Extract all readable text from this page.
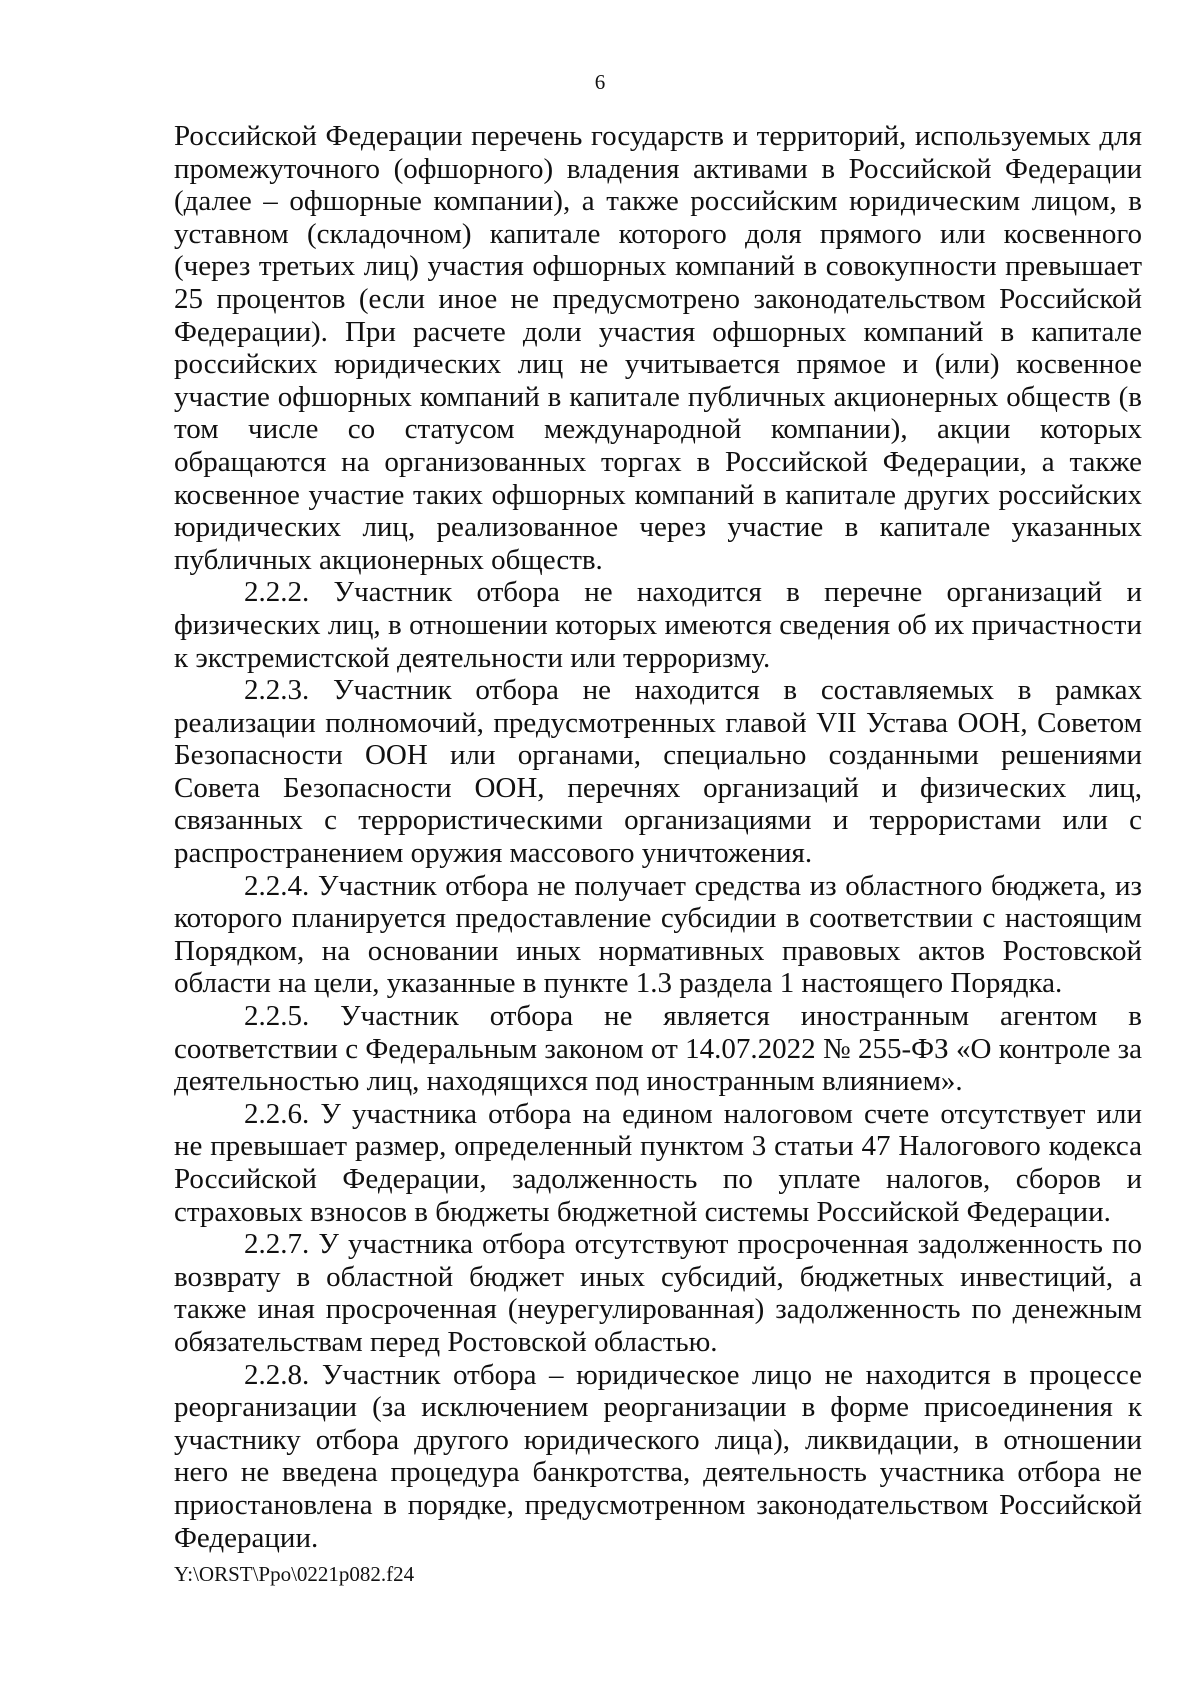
6

Российской Федерации перечень государств и территорий, используемых для промежуточного (офшорного) владения активами в Российской Федерации (далее – офшорные компании), а также российским юридическим лицом, в уставном (складочном) капитале которого доля прямого или косвенного (через третьих лиц) участия офшорных компаний в совокупности превышает 25 процентов (если иное не предусмотрено законодательством Российской Федерации). При расчете доли участия офшорных компаний в капитале российских юридических лиц не учитывается прямое и (или) косвенное участие офшорных компаний в капитале публичных акционерных обществ (в том числе со статусом международной компании), акции которых обращаются на организованных торгах в Российской Федерации, а также косвенное участие таких офшорных компаний в капитале других российских юридических лиц, реализованное через участие в капитале указанных публичных акционерных обществ.

2.2.2. Участник отбора не находится в перечне организаций и физических лиц, в отношении которых имеются сведения об их причастности к экстремистской деятельности или терроризму.

2.2.3. Участник отбора не находится в составляемых в рамках реализации полномочий, предусмотренных главой VII Устава ООН, Советом Безопасности ООН или органами, специально созданными решениями Совета Безопасности ООН, перечнях организаций и физических лиц, связанных с террористическими организациями и террористами или с распространением оружия массового уничтожения.

2.2.4. Участник отбора не получает средства из областного бюджета, из которого планируется предоставление субсидии в соответствии с настоящим Порядком, на основании иных нормативных правовых актов Ростовской области на цели, указанные в пункте 1.3 раздела 1 настоящего Порядка.

2.2.5. Участник отбора не является иностранным агентом в соответствии с Федеральным законом от 14.07.2022 № 255-ФЗ «О контроле за деятельностью лиц, находящихся под иностранным влиянием».

2.2.6. У участника отбора на едином налоговом счете отсутствует или не превышает размер, определенный пунктом 3 статьи 47 Налогового кодекса Российской Федерации, задолженность по уплате налогов, сборов и страховых взносов в бюджеты бюджетной системы Российской Федерации.

2.2.7. У участника отбора отсутствуют просроченная задолженность по возврату в областной бюджет иных субсидий, бюджетных инвестиций, а также иная просроченная (неурегулированная) задолженность по денежным обязательствам перед Ростовской областью.

2.2.8. Участник отбора – юридическое лицо не находится в процессе реорганизации (за исключением реорганизации в форме присоединения к участнику отбора другого юридического лица), ликвидации, в отношении него не введена процедура банкротства, деятельность участника отбора не приостановлена в порядке, предусмотренном законодательством Российской Федерации.

Y:\ORST\Ppo\0221p082.f24
